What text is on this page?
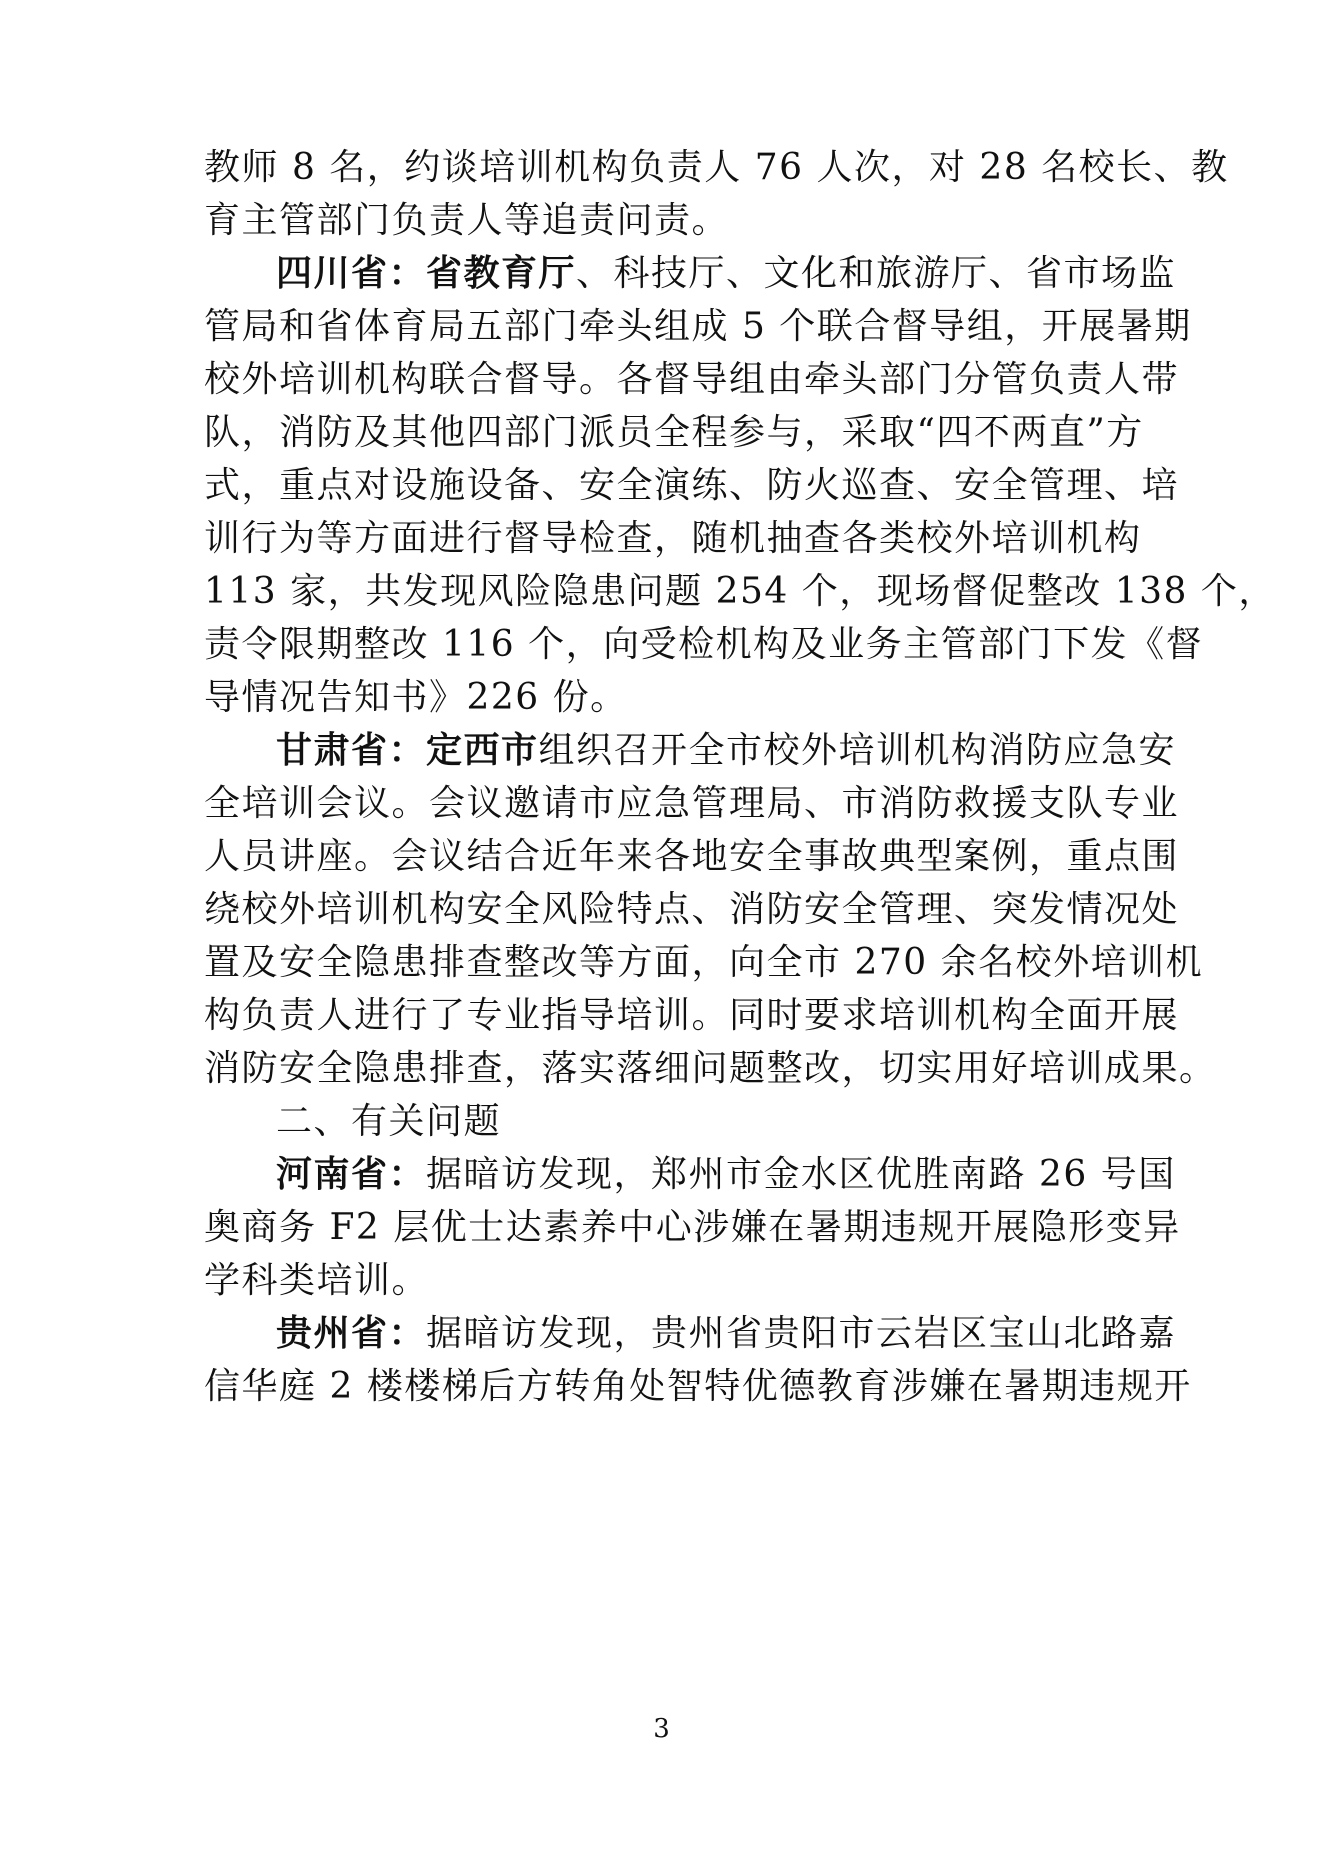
教师 8 名，约谈培训机构负责人 76 人次，对 28 名校长、教
育主管部门负责人等追责问责。
四川省：省教育厅、科技厅、文化和旅游厅、省市场监
管局和省体育局五部门牵头组成 5 个联合督导组，开展暑期
校外培训机构联合督导。各督导组由牵头部门分管负责人带
队，消防及其他四部门派员全程参与，采取“四不两直”方
式，重点对设施设备、安全演练、防火巡查、安全管理、培
训行为等方面进行督导检查，随机抽查各类校外培训机构
113 家，共发现风险隐患问题 254 个，现场督促整改 138 个，
责令限期整改 116 个，向受检机构及业务主管部门下发《督
导情况告知书》226 份。
甘肃省：定西市组织召开全市校外培训机构消防应急安
全培训会议。会议邀请市应急管理局、市消防救援支队专业
人员讲座。会议结合近年来各地安全事故典型案例，重点围
绕校外培训机构安全风险特点、消防安全管理、突发情况处
置及安全隐患排查整改等方面，向全市 270 余名校外培训机
构负责人进行了专业指导培训。同时要求培训机构全面开展
消防安全隐患排查，落实落细问题整改，切实用好培训成果。
二、有关问题
河南省：据暗访发现，郑州市金水区优胜南路 26 号国
奥商务 F2 层优士达素养中心涉嫌在暑期违规开展隐形变异
学科类培训。
贵州省：据暗访发现，贵州省贵阳市云岩区宝山北路嘉
信华庭 2 楼楼梯后方转角处智特优德教育涉嫌在暑期违规开
3
